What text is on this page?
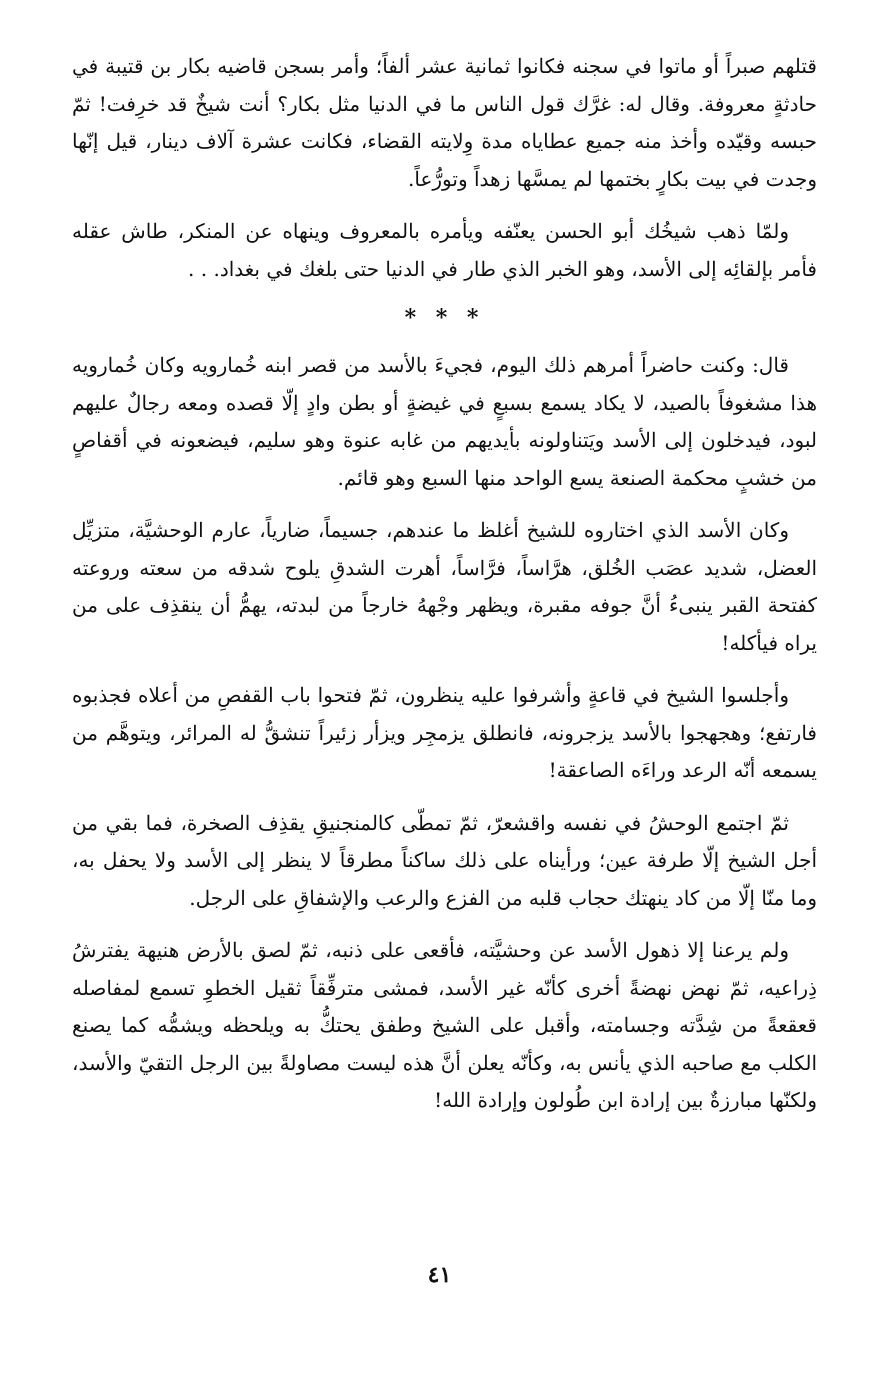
قتلهم صبراً أو ماتوا في سجنه فكانوا ثمانية عشر ألفاً؛ وأمر بسجن قاضيه بكار بن قتيبة في حادثةٍ معروفة. وقال له: غرَّك قول الناس ما في الدنيا مثل بكار؟ أنت شيخٌ قد خرِفت! ثمّ حبسه وقيّده وأخذ منه جميع عطاياه مدة وِلايته القضاء، فكانت عشرة آلاف دينار، قيل إنّها وجدت في بيت بكارٍ بختمها لم يمسَّها زهداً وتورُّعاً.

ولمّا ذهب شيخُك أبو الحسن يعنّفه ويأمره بالمعروف وينهاه عن المنكر، طاش عقله فأمر بإلقائِه إلى الأسد، وهو الخبر الذي طار في الدنيا حتى بلغك في بغداد. . .

* * *

قال: وكنت حاضراً أمرهم ذلك اليوم، فجيءَ بالأسد من قصر ابنه خُمارويه وكان خُمارويه هذا مشغوفاً بالصيد، لا يكاد يسمع بسبعٍ في غيضةٍ أو بطن وادٍ إلّا قصده ومعه رجالٌ عليهم لبود، فيدخلون إلى الأسد ويَتناولونه بأيديهم من غابه عنوة وهو سليم، فيضعونه في أقفاصٍ من خشبٍ محكمة الصنعة يسع الواحد منها السبع وهو قائم.

وكان الأسد الذي اختاروه للشيخ أغلظ ما عندهم، جسيماً، ضارياً، عارم الوحشيَّة، متزيِّل العضل، شديد عصَب الخُلق، هرَّاساً، فرَّاساً، أهرت الشدقِ يلوح شدقه من سعته وروعته كفتحة القبر ينبىءُ أنَّ جوفه مقبرة، ويظهر وجْههُ خارجاً من لبدته، يهمُّ أن ينقذِف على من يراه فيأكله!

وأجلسوا الشيخ في قاعةٍ وأشرفوا عليه ينظرون، ثمّ فتحوا باب القفصِ من أعلاه فجذبوه فارتفع؛ وهجهجوا بالأسد يزجرونه، فانطلق يزمجِر ويزأر زئيراً تنشقُّ له المرائر، ويتوهَّم من يسمعه أنّه الرعد وراءَه الصاعقة!

ثمّ اجتمع الوحشُ في نفسه واقشعرّ، ثمّ تمطّى كالمنجنيقِ يقذِف الصخرة، فما بقي من أجل الشيخ إلّا طرفة عين؛ ورأيناه على ذلك ساكناً مطرقاً لا ينظر إلى الأسد ولا يحفل به، وما منّا إلّا من كاد ينهتك حجاب قلبه من الفزع والرعب والإشفاقِ على الرجل.

ولم يرعنا إلا ذهول الأسد عن وحشيَّته، فأقعى على ذنبه، ثمّ لصق بالأرض هنيهة يفترشُ ذِراعيه، ثمّ نهض نهضةً أخرى كأنّه غير الأسد، فمشى مترفِّقاً ثقيل الخطوِ تسمع لمفاصله قعقعةً من شِدَّته وجسامته، وأقبل على الشيخ وطفق يحتكُّ به ويلحظه ويشمُّه كما يصنع الكلب مع صاحبه الذي يأنس به، وكأنّه يعلن أنَّ هذه ليست مصاولةً بين الرجل التقيّ والأسد، ولكنّها مبارزةٌ بين إرادة ابن طُولون وإرادة الله!

٤١
